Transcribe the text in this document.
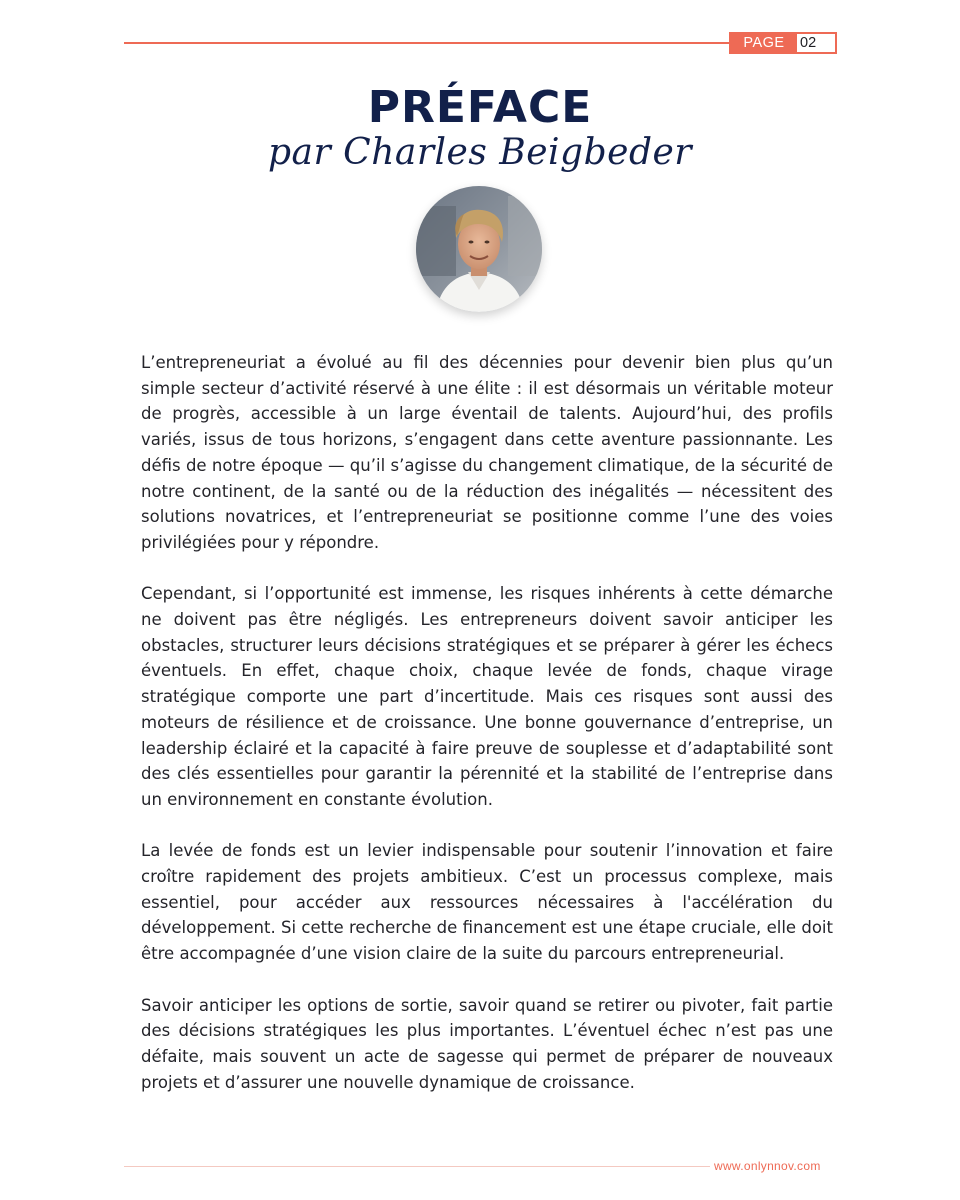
PAGE	02
PRÉFACE
par Charles Beigbeder

L’entrepreneuriat a évolué au fil des décennies pour devenir bien plus qu’un simple secteur d’activité réservé à une élite : il est désormais un véritable moteur de progrès, accessible à un large éventail de talents. Aujourd’hui, des profils variés, issus de tous horizons, s’engagent dans cette aventure passionnante. Les défis de notre époque — qu’il s’agisse du changement climatique, de la sécurité de notre continent, de la santé ou de la réduction des inégalités — nécessitent des solutions novatrices, et l’entrepreneuriat se positionne comme l’une des voies privilégiées pour y répondre.

Cependant, si l’opportunité est immense, les risques inhérents à cette démarche ne doivent pas être négligés. Les entrepreneurs doivent savoir anticiper les obstacles, structurer leurs décisions stratégiques et se préparer à gérer les échecs éventuels. En effet, chaque choix, chaque levée de fonds, chaque virage stratégique comporte une part d’incertitude. Mais ces risques sont aussi des moteurs de résilience et de croissance. Une bonne gouvernance d’entreprise, un leadership éclairé et la capacité à faire preuve de souplesse et d’adaptabilité sont des clés essentielles pour garantir la pérennité et la stabilité de l’entreprise dans un environnement en constante évolution.

La levée de fonds est un levier indispensable pour soutenir l’innovation et faire croître rapidement des projets ambitieux. C’est un processus complexe, mais essentiel, pour accéder aux ressources nécessaires à l'accélération du développement. Si cette recherche de financement est une étape cruciale, elle doit être accompagnée d’une vision claire de la suite du parcours entrepreneurial.

Savoir anticiper les options de sortie, savoir quand se retirer ou pivoter, fait partie des décisions stratégiques les plus importantes. L’éventuel échec n’est pas une défaite, mais souvent un acte de sagesse qui permet de préparer de nouveaux projets et d’assurer une nouvelle dynamique de croissance.

www.onlynnov.com
